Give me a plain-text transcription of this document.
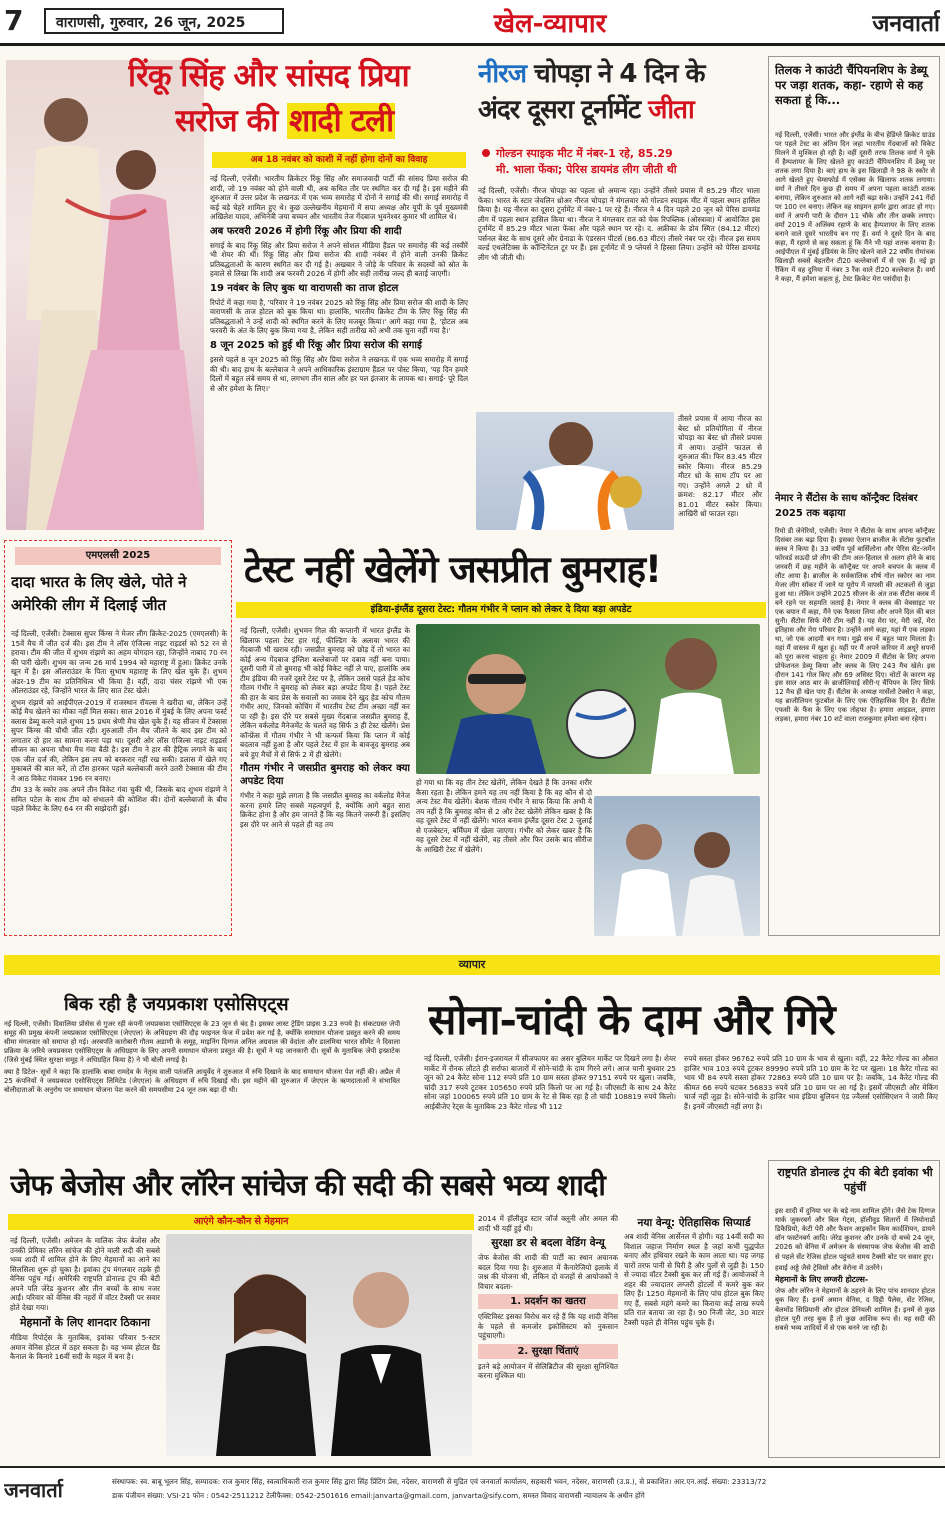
7	वाराणसी, गुरुवार, 26 जून, 2025	खेल-व्यापार	जनवार्ता
रिंकू सिंह और सांसद प्रिया
सरोज की शादी टली
अब 18 नवंबर को काशी में नहीं होगा दोनों का विवाह

नई दिल्ली, एजेंसी। भारतीय क्रिकेटर रिंकू सिंह और समाजवादी पार्टी की सांसद प्रिया सरोज की शादी, जो 19 नवंबर को होने वाली थी, अब कथित तौर पर स्थगित कर दी गई है। इस महीने की शुरुआत में उत्तर प्रदेश के लखनऊ में एक भव्य समारोह में दोनों ने सगाई की थी। सगाई समारोह में कई बड़े चेहरे शामिल हुए थे। कुछ उल्लेखनीय मेहमानों में सपा अध्यक्ष और यूपी के पूर्व मुख्यमंत्री अखिलेश यादव, अभिनेत्री जया बच्चन और भारतीय तेज गेंदबाज भुवनेश्वर कुमार भी शामिल थे।

अब फरवरी 2026 में होगी रिंकू और प्रिया की शादी

सगाई के बाद रिंकू सिंह और प्रिया सरोज ने अपने सोशल मीडिया हैंडल पर समारोह की कई तस्वीरें भी शेयर की थीं। रिंकू सिंह और प्रिया सरोज की शादी नवंबर में होने वाली उनकी क्रिकेट प्रतिबद्धताओं के कारण स्थगित कर दी गई है। अखबार ने जोड़े के परिवार के सदस्यों को स्रोत के हवाले से लिखा कि शादी अब फरवरी 2026 में होगी और सही तारीख जल्द ही बताई जाएगी।

19 नवंबर के लिए बुक था वाराणसी का ताज होटल

रिपोर्ट में कहा गया है, 'परिवार ने 19 नवंबर 2025 को रिंकू सिंह और प्रिया सरोज की शादी के लिए वाराणसी के ताज होटल को बुक किया था। हालांकि, भारतीय क्रिकेट टीम के लिए रिंकू सिंह की प्रतिबद्धताओं ने उन्हें शादी को स्थगित करने के लिए मजबूर किया।' आगे कहा गया है, 'होटल अब फरवरी के अंत के लिए बुक किया गया है, लेकिन सही तारीख को अभी तक चुना नहीं गया है।'

8 जून 2025 को हुई थी रिंकू और प्रिया सरोज की सगाई

इससे पहले 8 जून 2025 को रिंकू सिंह और प्रिया सरोज ने लखनऊ में एक भव्य समारोह में सगाई की थी। बाद हाथ के बल्लेबाज ने अपने आधिकारिक इंस्टाग्राम हैंडल पर पोस्ट किया, 'यह दिन हमारे दिलों में बहुत लंबे समय से था, लगभग तीन साल और हर पल इंतजार के लायक था। सगाई- पूरे दिल से और हमेशा के लिए।'

नीरज चोपड़ा ने 4 दिन के
अंदर दूसरा टूर्नामेंट जीता
गोल्डन स्पाइक मीट में नंबर-1 रहे, 85.29
मी. भाला फेंका; पेरिस डायमंड लीग जीती थी
नई दिल्ली, एजेंसी। नीरज चोपड़ा का पहला थ्रो अमान्य रहा। उन्होंने तीसरे प्रयास में 85.29 मीटर भाला फेंका। भारत के स्टार जेवलिन थ्रोअर नीरज चोपड़ा ने मंगलवार को गोल्डन स्पाइक मीट में पहला स्थान हासिल किया है। यह नीरज का दूसरा टूर्नामेंट में नंबर-1 पर रहे हैं। नीरज ने 4 दिन पहले 20 जून को पेरिस डायमंड लीग में पहला स्थान हासिल किया था। नीरज ने मंगलवार रात को चेक रिपब्लिक (ओस्त्रावा) में आयोजित इस टूर्नामेंट में 85.29 मीटर भाला फेंका और पहले स्थान पर रहे। द. अफ्रीका के डोव स्मित (84.12 मीटर) पर्सनल बेस्ट के साथ दूसरे और ग्रेनाडा के एंडरसन पीटर्स (86.63 मीटर) तीसरे नंबर पर रहे। नीरज इस समय वर्ल्ड एथलेटिक्स के कॉन्टिनेंटल टूर पर हैं। इस टूर्नामेंट में 9 प्लेयर्स ने हिस्सा लिया। उन्होंने को पेरिस डायमंड लीग भी जीती थी।
तीसरे प्रयास में आया नीरज का बेस्ट थ्रो प्रतियोगिता में नीरज चोपड़ा का बेस्ट थ्रो तीसरे प्रयास में आया। उन्होंने फाउल से शुरुआत की। फिर 83.45 मीटर स्कोर किया। नीरज 85.29 मीटर थ्रो के साथ टॉप पर आ गए। उन्होंने अगले 2 थ्रो में क्रमश: 82.17 मीटर और 81.01 मीटर स्कोर किया। आखिरी थ्रो फाउल रहा।
तिलक ने काउंटी चैंपियनशिप के डेब्यू पर जड़ा शतक, कहा- रहाणे से कह सकता हूं कि...
नई दिल्ली, एजेंसी। भारत और इंग्लैंड के बीच हेडिंग्ले क्रिकेट ग्राउंड पर पहले टेस्ट का अंतिम दिन जहां भारतीय गेंदबाजों को विकेट मिलने में मुश्किल हो रही है। वहीं दूसरी तरफ तिलक वर्मा ने यूके में हैम्पशायर के लिए खेलते हुए काउंटी चैंपियनशिप में डेब्यू पर शतक लगा दिया है। बाएं हाथ के इस खिलाड़ी ने 98 के स्कोर से आगे खेलते हुए चेम्सफोर्ड में एसेक्स के खिलाफ शतक लगाया। वर्मा ने तीसरे दिन कुछ ही समय में अपना पहला काउंटी शतक बनाया, लेकिन शुरुआत को आगे नहीं बढ़ा सके। उन्होंने 241 गेंदों पर 100 रन बनाए। लेकिन वह साइमन हार्मर द्वारा आउट हो गए। वर्मा ने अपनी पारी के दौरान 11 चौके और तीन छक्के लगाए। वर्मा 2019 में अजिंक्य रहाणे के बाद हैम्पशायर के लिए शतक बनाने वाले दूसरे भारतीय बन गए हैं। वर्मा ने दूसरे दिन के बाद कहा, मैं रहाणे से कह सकता हूं कि मैंने भी यहां शतक बनाया है। आईपीएल में मुंबई इंडियंस के लिए खेलने वाले 22 वर्षीय रोमांचक खिलाड़ी सबसे बेहतरीन टी20 बल्लेबाजों में से एक हैं। नई ड्रा रैंकिंग में वह दुनिया में नंबर 3 रैंक वाले टी20 बल्लेबाज हैं। वर्मा ने कहा, मैं हमेशा कहता हूं, टेस्ट क्रिकेट मेरा पसंदीदा है।
नेमार ने सैंटोस के साथ कॉन्ट्रैक्ट दिसंबर 2025 तक बढ़ाया
रियो डी जेनेरियो, एजेंसी। नेमार ने सैंटोस के साथ अपना कॉन्ट्रैक्ट दिसंबर तक बढ़ा दिया है। इसका ऐलान ब्राजील के सेंटोस फुटबॉल क्लब ने किया है। 33 वर्षीय पूर्व बार्सिलोना और पेरिस सेंट-जर्मेन फॉरवर्ड सऊदी प्रो लीग की टीम अल-हिलाल से अलग होने के बाद जनवरी में छह महीने के कॉन्ट्रैक्ट पर अपने बचपन के क्लब में लौट आया है। ब्राजील के सर्वकालिक शीर्ष गोल स्कोरर का नाम मेजर लीग सॉकर में जाने या यूरोप में वापसी की अटकलों से जुड़ा हुआ था। लेकिन उन्होंने 2025 सीजन के अंत तक सैंटोस क्लब में बने रहने पर सहमति जताई है। नेमार ने क्लब की वेबसाइट पर एक बयान में कहा, मैंने एक फैसला लिया और अपने दिल की बात सुनी। सैंटोस सिर्फ मेरी टीम नहीं है। यह मेरा घर, मेरी जड़ें, मेरा इतिहास और मेरा परिवार है। उन्होंने आगे कहा, यहां मैं एक लड़का था, जो एक आदमी बन गया। मुझे सच में बहुत प्यार मिलता है। यहां मैं वास्तव में खुश हूं। यहीं पर मैं अपने करियर में अधूरे सपनों को पूरा करना चाहता हूं। नेमार 2009 में सैंटोस के लिए अपना प्रोफेशनल डेब्यू किया और क्लब के लिए 243 मैच खेले। इस दौरान 141 गोल किए और 69 असिस्ट दिए। चोटों के कारण वह इस साल आठ बार के ब्राजीलियाई सीरी-ए चैंपियन के लिए सिर्फ 12 मैच ही खेल पाए हैं। सैंटोस के अध्यक्ष मार्सेलो टेक्सेरा ने कहा, यह ब्राजीलियन फुटबॉल के लिए एक ऐतिहासिक दिन है। सैंटोस एफसी के फैंस के लिए एक तोहफा है। हमारा आइडल, हमारा लड़का, हमारा नंबर 10 शर्ट वाला राजकुमार हमेशा बना रहेगा।
एमएलसी 2025
दादा भारत के लिए खेले, पोते ने अमेरिकी लीग में दिलाई जीत

नई दिल्ली, एजेंसी। टेक्सास सुपर किंग्स ने मेजर लीग क्रिकेट-2025 (एमएलसी) के 15वें मैच में जीत दर्ज की। इस टीम ने लॉस एंजिल्स नाइट राइडर्स को 52 रन से हराया। टीम की जीत में शुभम रांझणे का अहम योगदान रहा, जिन्होंने नाबाद 70 रन की पारी खेली। शुभम का जन्म 26 मार्च 1994 को महाराष्ट्र में हुआ। क्रिकेट उनके खून में है। इस ऑलराउंडर के पिता सुभाष महाराष्ट्र के लिए खेल चुके हैं। शुभम अंडर-19 टीम का प्रतिनिधित्व भी किया है। वहीं, दादा चंसर रांझणे भी एक ऑलराउंडर रहे, जिन्होंने भारत के लिए सात टेस्ट खेले।

शुभम रांझणे को आईपीएल-2019 में राजस्थान रॉयल्स ने खरीदा था, लेकिन उन्हें कोई मैच खेलने का मौका नहीं मिल सका। साल 2016 में मुंबई के लिए अपना फर्स्ट क्लास डेब्यू करने वाले शुभम 15 प्रथम श्रेणी मैच खेल चुके हैं। यह सीजन में टेक्सास सुपर किंग्स की चौथी जीत रही। शुरुआती तीन मैच जीतने के बाद इस टीम को लगातार दो हार का सामना करना पड़ा था। दूसरी ओर लॉस एंजिल्स नाइट राइडर्स सीजन का अपना चौथा मैच गंवा बैठी है। इस टीम ने हार की हैट्रिक लगाने के बाद एक जीत दर्ज की, लेकिन इस लय को बरकरार नहीं रख सकी। डलास में खेले गए मुकाबले की बात करें, तो टॉस हारकर पहले बल्लेबाजी करने उतरी टेक्सास की टीम ने आठ विकेट गंवाकर 196 रन बनाए।

टीम 33 के स्कोर तक अपने तीन विकेट गंवा चुकी थी, जिसके बाद शुभम रांझणे ने समित पटेल के साथ टीम को संभालने की कोशिश की। दोनों बल्लेबाजों के बीच पहले विकेट के लिए 64 रन की साझेदारी हुई।

टेस्ट नहीं खेलेंगे जसप्रीत बुमराह!
इंडिया-इंग्लैंड दूसरा टेस्ट: गौतम गंभीर ने प्लान को लेकर दे दिया बड़ा अपडेट

नई दिल्ली, एजेंसी। शुभमन गिल की कप्तानी में भारत इंग्लैंड के खिलाफ पहला टेस्ट हार गई, फील्डिंग के अलावा भारत की गेंदबाजी भी खराब रही। जसप्रीत बुमराह को छोड़ दें तो भारत का कोई अन्य गेंदबाज इंग्लिश बल्लेबाजों पर दबाव नहीं बना पाया। दूसरी पारी में तो बुमराह भी कोई विकेट नहीं ले पाए, हालांकि अब टीम इंडिया की नजरें दूसरे टेस्ट पर है, लेकिन उससे पहले हेड कोच गौतम गंभीर ने बुमराह को लेकर बड़ा अपडेट दिया है। पहले टेस्ट की हार के बाद प्रेस के सवालों का जवाब देने खुद हेड कोच गौतम गंभीर आए, जिनको कोचिंग में भारतीय टेस्ट टीम अच्छा नहीं कर पा रही है। इस दौरे पर सबसे मुख्य गेंदबाज जसप्रीत बुमराह हैं, लेकिन वर्कलोड मैनेजमेंट के चलते वह सिर्फ 3 ही टेस्ट खेलेंगे। प्रेस कॉन्फ्रेंस में गौतम गंभीर ने भी कन्फर्म किया कि प्लान में कोई बदलाव नहीं हुआ है और पहले टेस्ट में हार के बावजूद बुमराह अब बचे हुए मैचों में से सिर्फ 2 में ही खेलेंगे।

गौतम गंभीर ने जसप्रीत बुमराह को लेकर क्या अपडेट दिया

गंभीर ने कहा मुझे लगता है कि जसप्रीत बुमराह का वर्कलोड मैनेज करना हमारे लिए सबसे महत्वपूर्ण है, क्योंकि आगे बहुत सारा क्रिकेट होना है और हम जानते हैं कि वह कितने जरूरी हैं। इसलिए इस दौरे पर आने से पहले ही यह तय

हो गया था कि वह तीन टेस्ट खेलेंगे, लेकिन देखते हैं कि उनका शरीर कैसा रहता है। लेकिन हमने यह तय नहीं किया है कि वह कौन से दो अन्य टेस्ट मैच खेलेंगे। बेशक गौतम गंभीर ने साफ किया कि अभी ये तय नहीं है कि बुमराह कौन से 2 और टेस्ट खेलेंगे लेकिन खबर है कि वह दूसरे टेस्ट में नहीं खेलेंगे। भारत बनाम इंग्लैंड दूसरा टेस्ट 2 जुलाई से एजबेस्टन, बर्मिंघम में खेला जाएगा। गंभीर को लेकर खबर है कि वह दूसरे टेस्ट में नहीं खेलेंगे, वह तीसरे और फिर उसके बाद सीरीज के आखिरी टेस्ट में खेलेंगे।
व्यापार
बिक रही है जयप्रकाश एसोसिएट्स

नई दिल्ली, एजेंसी। दिवालिया प्रोसेस से गुजर रही कंपनी जयप्रकाश एसोसिएट्स के 23 जून से बंद है। इसका लास्ट ट्रेडिंग प्राइस 3.23 रुपये है। संकटग्रस्त जेपी समूह की प्रमुख कंपनी जयप्रकाश एसोसिएट्स (जेएएल) के अधिग्रहण की दौड़ फाइनल फेज में प्रवेश कर गई है, क्योंकि समाधान योजना प्रस्तुत करने की समय सीमा मंगलवार को समाप्त हो गई। अरबपति कारोबारी गौतम अडाणी के समूह, माइनिंग दिग्गज अनिल अग्रवाल की वेदांता और डालमिया भारत सीमेंट ने दिवाला प्रक्रिया के जरिये जयप्रकाश एसोसिएट्स के अधिग्रहण के लिए अपनी समाधान योजना प्रस्तुत की है। सूत्रों ने यह जानकारी दी। सूत्रों के मुताबिक जेपी इन्फ्राटेक (जिसे मुंबई स्थित सुरक्षा समूह ने अधिग्रहित किया है) ने भी बोली लगाई है।

क्या है डिटेल- सूत्रों ने कहा कि हालांकि बाबा रामदेव के नेतृत्व वाली पतंजलि आयुर्वेद ने शुरुआत में रुचि दिखाने के बाद समाधान योजना पेश नहीं की। अप्रैल में 25 कंपनियों ने जयप्रकाश एसोसिएट्स लिमिटेड (जेएएल) के अधिग्रहण में रुचि दिखाई थी। इस महीने की शुरुआत में जेएएल के ऋणदाताओं ने संभावित बोलीदाताओं के अनुरोध पर समाधान योजना पेश करने की समयसीमा 24 जून तक बढ़ा दी थी।

सोना-चांदी के दाम और गिरे
नई दिल्ली, एजेंसी। ईरान-इजरायल में सीजफायर का असर बुलियन मार्केट पर दिखने लगा है। शेयर मार्केट में रौनक लौटते ही सर्राफा बाजारों में सोने-चांदी के दाम गिरने लगे। आज यानी बुधवार 25 जून को 24 कैरेट सोना 112 रुपये प्रति 10 ग्राम सस्ता होकर 97151 रुपये पर खुला। जबकि, चांदी 317 रुपये टूटकर 105650 रुपये प्रति किलो पर आ गई है। जीएसटी के साथ 24 कैरेट सोना जहां 100065 रुपये प्रति 10 ग्राम के रेट से बिक रहा है तो चांदी 108819 रुपये किलो। आईबीजेए रेट्स के मुताबिक 23 कैरेट गोल्ड भी 112
रुपये सस्ता होकर 96762 रुपये प्रति 10 ग्राम के भाव से खुला। वहीं, 22 कैरेट गोल्ड का औसत हाजिर भाव 103 रुपये टूटकर 89990 रुपये प्रति 10 ग्राम के रेट पर खुला। 18 कैरेट गोल्ड का भाव भी 84 रुपये सस्ता होकर 72863 रुपये प्रति 10 ग्राम पर है। जबकि, 14 कैरेट गोल्ड की कीमत 66 रुपये घटकर 56833 रुपये प्रति 10 ग्राम पर आ गई है। इसमें जीएसटी और मेकिंग चार्ज नहीं जुड़ा है। सोने-चांदी के हाजिर भाव इंडिया बुलियन एंड ज्वैलर्स एसोसिएशन ने जारी किए हैं। इनमें जीएसटी नहीं लगा है।
जेफ बेजोस और लॉरेन सांचेज की सदी की सबसे भव्य शादी
आएंगे कौन-कौन से मेहमान

नई दिल्ली, एजेंसी। अमेजन के मालिक जेफ बेजोस और उनकी प्रेमिका लॉरेन सांचेज की होने वाली सदी की सबसे भव्य शादी में शामिल होने के लिए मेहमानों का आने का सिलसिला शुरू हो चुका है। इवांका ट्रंप मंगलवार तड़के ही वेनिस पहुंच गई। अमेरिकी राष्ट्रपति डोनाल्ड ट्रंप की बेटी अपने पति जेरेड कुशनर और तीन बच्चों के साथ नजर आईं। परिवार को वेनिस की नहरों में वॉटर टैक्सी पर सवार होते देखा गया।

मेहमानों के लिए शानदार ठिकाना

मीडिया रिपोर्ट्स के मुताबिक, इवांका परिवार 5-स्टार अमान वेनिस होटल में ठहर सकता है। यह भव्य होटल ग्रैंड कैनाल के किनारे 16वीं सदी के महल में बना है।

2014 में हॉलीवुड स्टार जॉर्ज क्लूनी और अमल की शादी भी यहीं हुई थी।

सुरक्षा डर से बदला वेडिंग वेन्यू

जेफ बेजोस की शादी की पार्टी का स्थान अचानक बदल दिया गया है। शुरुआत में कैनारेजियो इलाके में जश्न की योजना थी, लेकिन दो वजहों से आयोजकों ने विचार बदला-

1. प्रदर्शन का खतरा

एक्टिविस्ट इसका विरोध कर रहे हैं कि यह शादी वेनिस के पहले से कमजोर इकोसिस्टम को नुकसान पहुंचाएगी।

2. सुरक्षा चिंताएं

इतने बड़े आयोजन में सेलिब्रिटीज की सुरक्षा सुनिश्चित करना मुश्किल था।

नया वेन्यू: ऐतिहासिक सिप्यार्ड

अब शादी वेनिस आर्सेनल में होगी। यह 14वीं सदी का विशाल जहाज निर्माण स्थल है जहां कभी युद्धपोत बनाए और हथियार रखने के काम आता था। यह जगह चारों तरफ पानी से घिरी है और पुलों से जुड़ी है। 150 से ज्यादा वॉटर टैक्सी बुक कर ली गई हैं। आयोजकों ने शहर की ज्यादातर लग्जरी होटलों में कमरे बुक कर लिए हैं। 1250 मेहमानों के लिए पांच होटल बुक किए गए हैं, सबसे महंगे कमरे का किराया कई लाख रुपये प्रति रात बताया जा रहा है। 90 निजी जेट, 30 वाटर टैक्सी पहले ही वेनिस पहुंच चुके हैं।

राष्ट्रपति डोनाल्ड ट्रंप की बेटी इवांका भी पहुंचीं

इस शादी में दुनिया भर के बड़े नाम शामिल होंगे। जैसे टेक दिग्गज मार्क जुकरबर्ग और बिल गेट्स, हॉलीवुड सितारों में लियोनार्डो डिकैप्रियो, केटी पेरी और फैशन आइकॉन किम कार्दशियन, डायने वॉन फर्स्टनबर्ग आदि। जेरेड कुशनर और उनके दो बच्चे 24 जून, 2026 को वेनिस में अमेजन के संस्थापक जेफ बेजोस की शादी से पहले सेंट रेजिस होटल पहुंचते समय टैक्सी बोट पर सवार हुए।

हवाई अड्डे जैसे ट्रेविसो और वेरोना में उतरेंगे।

मेहमानों के लिए लग्जरी होटल्स-

जेफ और लॉरेन ने मेहमानों के ठहरने के लिए पांच शानदार होटल बुक किए हैं। इनमें अमान वेनिस, द ग्रिट्टी पैलेस, सेंट रेजिस, बेलमोंड सिप्रियानी और होटल डेनियली शामिल हैं। इनमें से कुछ होटल पूरी तरह बुक हैं तो कुछ आंशिक रूप से। यह सदी की सबसे भव्य शादियों में से एक बनने जा रही है।

जनवार्ता	संस्थापक: स्व. बाबू भूलन सिंह, सम्पादक: राज कुमार सिंह, स्वत्वाधिकारी राज कुमार सिंह द्वारा सिंह प्रिंटिंग प्रेस, नदेसर, वाराणसी से मुद्रित एवं जनवार्ता कार्यालय, सहकारी भवन, नदेसर, वाराणसी (उ.प्र.), से प्रकाशित। आर.एन.आई. संख्या: 23313/72
डाक पंजीयन संख्या: VSI-21 फोन : 0542-2511212 टेलीफैक्स: 0542-2501616 email:janvarta@gmail.com, janvarta@sify.com, समस्त विवाद वाराणसी न्यायालय के अधीन होंगे
